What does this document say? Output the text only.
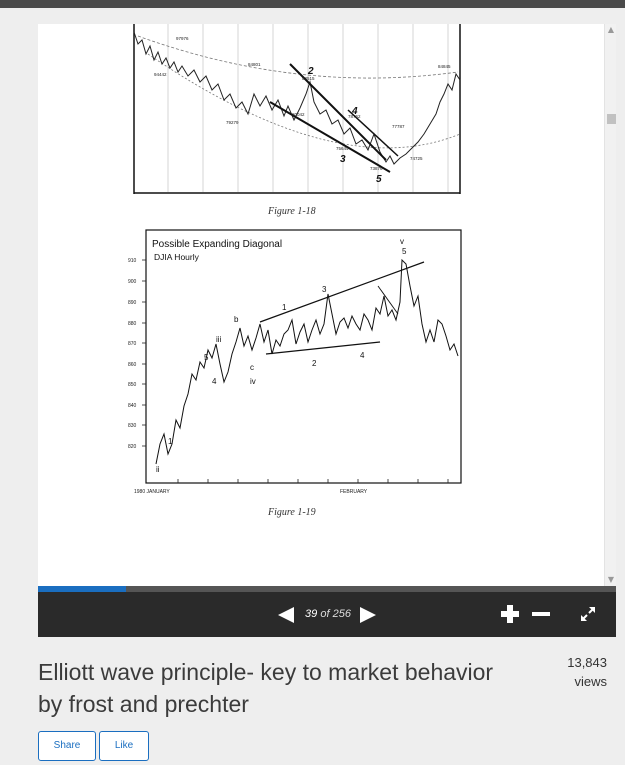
97976
94442
84801
79279
83515
80042	78762
75644
77787
73876
74725
84845
2
3
4
5
Figure 1-18
Possible Expanding Diagonal
DJIA Hourly
910
900
890
880
870
860
850
840
830
820
iii
ii
iv
v
1
2
3
4
5
5
1
4
b
c
1980 JANUARY	FEBRUARY
Figure 1-19
▲
▼
39 of 256
Elliott wave principle- key to market behavior by frost and prechter
13,843
views
Share	Like
